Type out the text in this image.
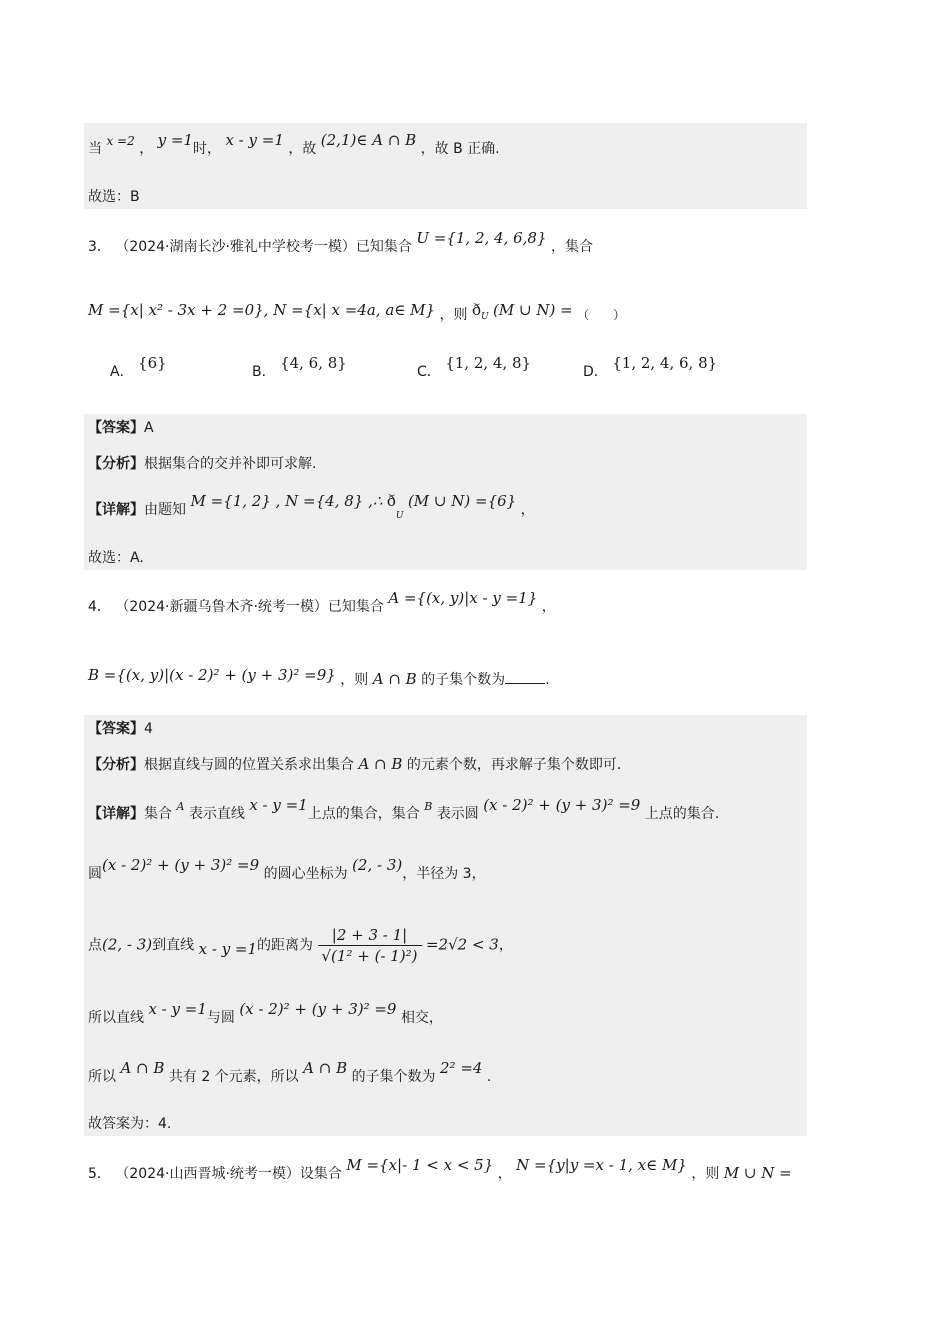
当 x =2 ， y =1时， x - y =1 ，故 (2,1)∈ A ∩ B ，故 B 正确.
故选：B
3． （2024·湖南长沙·雅礼中学校考一模）已知集合 U ={1, 2, 4, 6,8} ，集合
M ={x| x² - 3x + 2 =0}, N ={x| x =4a, a∈ M} ，则 $ð_U$ (M ∪ N) = （　　）
A． {6}	B． {4, 6, 8}	C． {1, 2, 4, 8}	D． {1, 2, 4, 6, 8}
【答案】A
【分析】根据集合的交并补即可求解.
【详解】由题知 M ={1, 2} , N ={4, 8} ,∴ $ð_U$ (M ∪ N) ={6} ，
故选：A.
4． （2024·新疆乌鲁木齐·统考一模）已知集合 A ={(x, y)|x - y =1} ，
B ={(x, y)|(x - 2)² + (y + 3)² =9} ，则 A ∩ B 的子集个数为	.
【答案】4
【分析】根据直线与圆的位置关系求出集合 A ∩ B 的元素个数，再求解子集个数即可.
【详解】集合 $^A$ 表示直线 x - y =1上点的集合，集合 $^B$ 表示圆 (x - 2)² + (y + 3)² =9 上点的集合.
圆(x - 2)² + (y + 3)² =9 的圆心坐标为 (2, - 3)，半径为 3，
点(2, - 3)到直线 x - y =1的距离为 $\frac{|2 + 3 - 1|}{\text{√(1² + (- 1)²)}} =2√2 < 3$，
所以直线 x - y =1与圆 (x - 2)² + (y + 3)² =9 相交，
所以 A ∩ B 共有 2 个元素，所以 A ∩ B 的子集个数为 2² =4 .
故答案为：4.
5． （2024·山西晋城·统考一模）设集合 M ={x|- 1 < x < 5} ， N ={y|y =x - 1, x∈ M} ，则 M ∪ N =
